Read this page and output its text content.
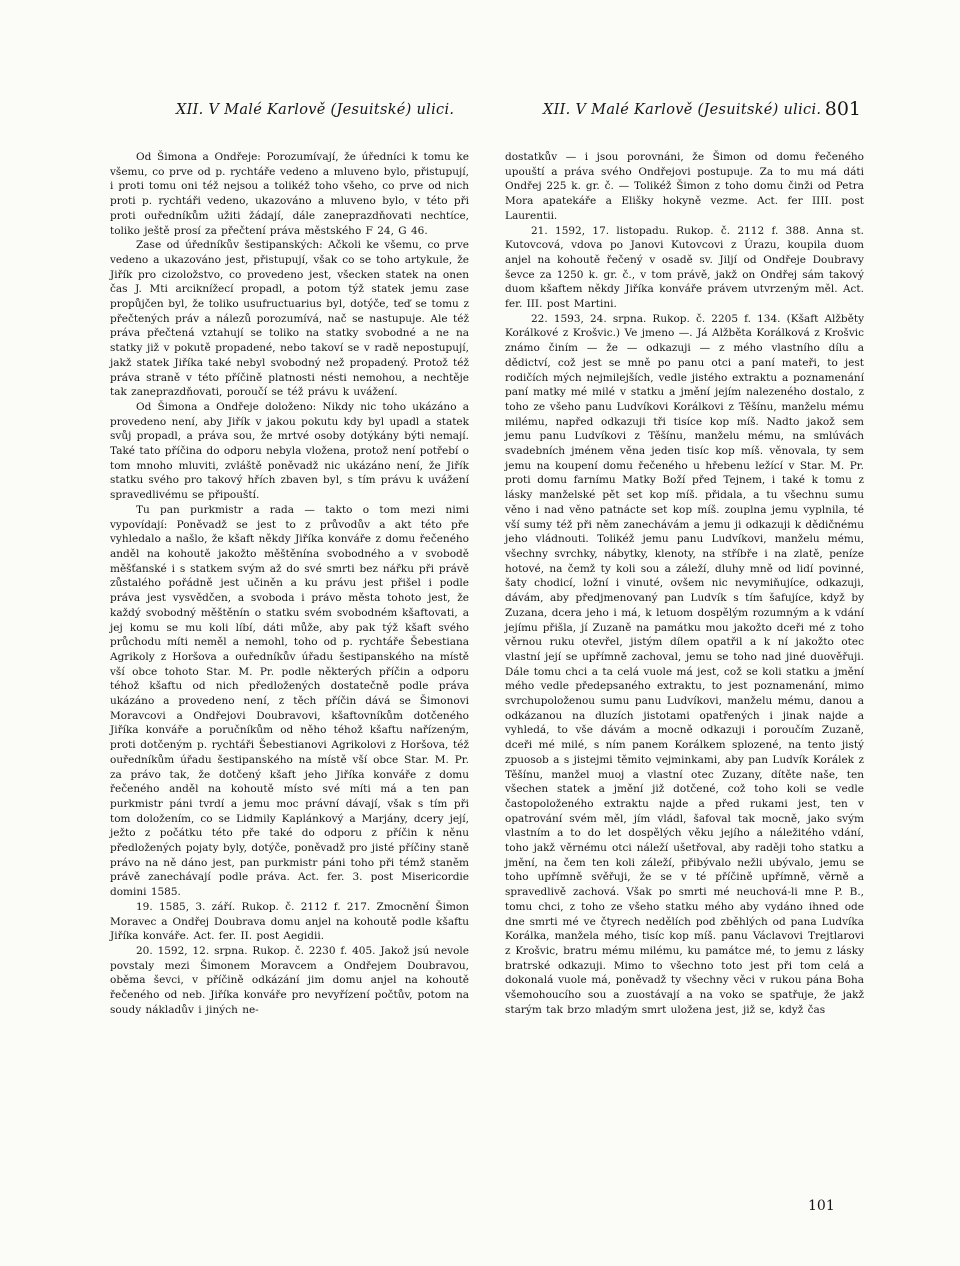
XII. V Malé Karlově (Jesuitské) ulici.	XII. V Malé Karlově (Jesuitské) ulici. 801

Od Šimona a Ondřeje: Porozumívají, že úředníci k tomu ke všemu, co prve od p. rychtáře vedeno a mluveno bylo, přistupují, i proti tomu oni též nejsou a tolikéž toho všeho, co prve od nich proti p. rychtáři vedeno, ukazováno a mluveno bylo, v této při proti ouředníkům užiti žádají, dále zaneprazdňovati nechtíce, toliko ještě prosí za přečtení práva městského F 24, G 46.

Zase od úředníkův šestipanských: Ačkoli ke všemu, co prve vedeno a ukazováno jest, přistupují, však co se toho artykule, že Jiřík pro cizoložstvo, co provedeno jest, všecken statek na onen čas J. Mti arciknížecí propadl, a potom týž statek jemu zase propůjčen byl, že toliko usufructuarius byl, dotýče, teď se tomu z přečtených práv a nálezů porozumívá, nač se nastupuje. Ale též práva přečtená vztahují se toliko na statky svobodné a ne na statky již v pokutě propadené, nebo takoví se v radě nepostupují, jakž statek Jiříka také nebyl svobodný než propadený. Protož též práva straně v této příčině platnosti nésti nemohou, a nechtěje tak zaneprazdňovati, poroučí se též právu k uvážení.

Od Šimona a Ondřeje doloženo: Nikdy nic toho ukázáno a provedeno není, aby Jiřík v jakou pokutu kdy byl upadl a statek svůj propadl, a práva sou, že mrtvé osoby dotýkány býti nemají. Také tato příčina do odporu nebyla vložena, protož není potřebí o tom mnoho mluviti, zvláště poněvadž nic ukázáno není, že Jiřík statku svého pro takový hřích zbaven byl, s tím právu k uvážení spravedlivému se připouští.

Tu pan purkmistr a rada — takto o tom mezi nimi vypovídají: Poněvadž se jest to z průvodův a akt této pře vyhledalo a našlo, že kšaft někdy Jiříka konváře z domu řečeného anděl na kohoutě jakožto měštěnína svobodného a v svobodě měšťanské i s statkem svým až do své smrti bez nářku při právě zůstalého pořádně jest učiněn a ku právu jest přišel i podle práva jest vysvědčen, a svoboda i právo města tohoto jest, že každý svobodný měštěnín o statku svém svobodném kšaftovati, a jej komu se mu koli líbí, dáti může, aby pak týž kšaft svého průchodu míti neměl a nemohl, toho od p. rychtáře Šebestiana Agrikoly z Horšova a ouředníkův úřadu šestipanského na místě vší obce tohoto Star. M. Pr. podle některých příčin a odporu téhož kšaftu od nich předložených dostatečně podle práva ukázáno a provedeno není, z těch příčin dává se Šimonovi Moravcovi a Ondřejovi Doubravovi, kšaftovníkům dotčeného Jiříka konváře a poručníkům od něho téhož kšaftu nařízeným, proti dotčeným p. rychtáři Šebestianovi Agrikolovi z Horšova, též ouředníkům úřadu šestipanského na místě vší obce Star. M. Pr. za právo tak, že dotčený kšaft jeho Jiříka konváře z domu řečeného anděl na kohoutě místo své míti má a ten pan purkmistr páni tvrdí a jemu moc právní dávají, však s tím při tom doložením, co se Lidmily Kaplánkový a Marjány, dcery její, ježto z počátku této pře také do odporu z příčin k něnu předložených pojaty byly, dotýče, poněvadž pro jisté příčiny staně právo na ně dáno jest, pan purkmistr páni toho při témž staněm právě zanechávají podle práva. Act. fer. 3. post Misericordie domini 1585.

19. 1585, 3. září. Rukop. č. 2112 f. 217. Zmocnění Šimon Moravec a Ondřej Doubrava domu anjel na kohoutě podle kšaftu Jiříka konváře. Act. fer. II. post Aegidii.

20. 1592, 12. srpna. Rukop. č. 2230 f. 405. Jakož jsú nevole povstaly mezi Šimonem Moravcem a Ondřejem Doubravou, oběma ševci, v příčině odkázání jim domu anjel na kohoutě řečeného od neb. Jiříka konváře pro nevyřízení počtův, potom na soudy nákladův i jiných ne-

dostatkův — i jsou porovnáni, že Šimon od domu řečeného upouští a práva svého Ondřejovi postupuje. Za to mu má dáti Ondřej 225 k. gr. č. — Tolikéž Šimon z toho domu činži od Petra Mora apatekáře a Elišky hokyně vezme. Act. fer IIII. post Laurentii.

21. 1592, 17. listopadu. Rukop. č. 2112 f. 388. Anna st. Kutovcová, vdova po Janovi Kutovcovi z Úrazu, koupila duom anjel na kohoutě řečený v osadě sv. Jiljí od Ondřeje Doubravy ševce za 1250 k. gr. č., v tom právě, jakž on Ondřej sám takový duom kšaftem někdy Jiříka konváře právem utvrzeným měl. Act. fer. III. post Martini.

22. 1593, 24. srpna. Rukop. č. 2205 f. 134. (Kšaft Alžběty Korálkové z Krošvic.) Ve jmeno —. Já Alžběta Korálková z Krošvic známo činím — že — odkazuji — z mého vlastního dílu a dědictví, což jest se mně po panu otci a paní mateři, to jest rodičích mých nejmilejších, vedle jistého extraktu a poznamenání paní matky mé milé v statku a jmění jejím nalezeného dostalo, z toho ze všeho panu Ludvíkovi Korálkovi z Těšínu, manželu mému milému, napřed odkazuji tři tisíce kop míš. Nadto jakož sem jemu panu Ludvíkovi z Těšínu, manželu mému, na smlúvách svadebních jménem věna jeden tisíc kop míš. věnovala, ty sem jemu na koupení domu řečeného u hřebenu ležící v Star. M. Pr. proti domu farnímu Matky Boží před Tejnem, i také k tomu z lásky manželské pět set kop míš. přidala, a tu všechnu sumu věno i nad věno patnácte set kop míš. zouplna jemu vyplnila, té vší sumy též při něm zanechávám a jemu ji odkazuji k dědičnému jeho vládnouti. Tolikéž jemu panu Ludvíkovi, manželu mému, všechny svrchky, nábytky, klenoty, na stříbře i na zlatě, peníze hotové, na čemž ty koli sou a záleží, dluhy mně od lidí povinné, šaty chodicí, ložní i vinuté, ovšem nic nevymiňujíce, odkazuji, dávám, aby předjmenovaný pan Ludvík s tím šafujíce, když by Zuzana, dcera jeho i má, k letuom dospělým rozumným a k vdání jejímu přišla, jí Zuzaně na památku mou jakožto dceři mé z toho věrnou ruku otevřel, jistým dílem opatřil a k ní jakožto otec vlastní její se upřímně zachoval, jemu se toho nad jiné duověřuji. Dále tomu chci a ta celá vuole má jest, což se koli statku a jmění mého vedle předepsaného extraktu, to jest poznamenání, mimo svrchupoloženou sumu panu Ludvíkovi, manželu mému, danou a odkázanou na dluzích jistotami opatřených i jinak najde a vyhledá, to vše dávám a mocně odkazuji i poroučím Zuzaně, dceři mé milé, s ním panem Korálkem splozené, na tento jistý zpuosob a s jistejmi těmito vejminkami, aby pan Ludvík Korálek z Těšínu, manžel muoj a vlastní otec Zuzany, dítěte naše, ten všechen statek a jmění již dotčené, což toho koli se vedle častopoloženého extraktu najde a před rukami jest, ten v opatrování svém měl, jím vládl, šafoval tak mocně, jako svým vlastním a to do let dospělých věku jejího a náležitého vdání, toho jakž věrnému otci náleží ušetřoval, aby raději toho statku a jmění, na čem ten koli záleží, přibývalo nežli ubývalo, jemu se toho upřímně svěřuji, že se v té příčině upřímně, věrně a spravedlivě zachová. Však po smrti mé neuchová-li mne P. B., tomu chci, z toho ze všeho statku mého aby vydáno ihned ode dne smrti mé ve čtyrech nedělích pod zběhlých od pana Ludvíka Korálka, manžela mého, tisíc kop míš. panu Václavovi Trejtlarovi z Krošvic, bratru mému milému, ku památce mé, to jemu z lásky bratrské odkazuji. Mimo to všechno toto jest při tom celá a dokonalá vuole má, poněvadž ty všechny věci v rukou pána Boha všemohoucího sou a zuostávají a na voko se spatřuje, že jakž starým tak brzo mladým smrt uložena jest, již se, když čas

101
